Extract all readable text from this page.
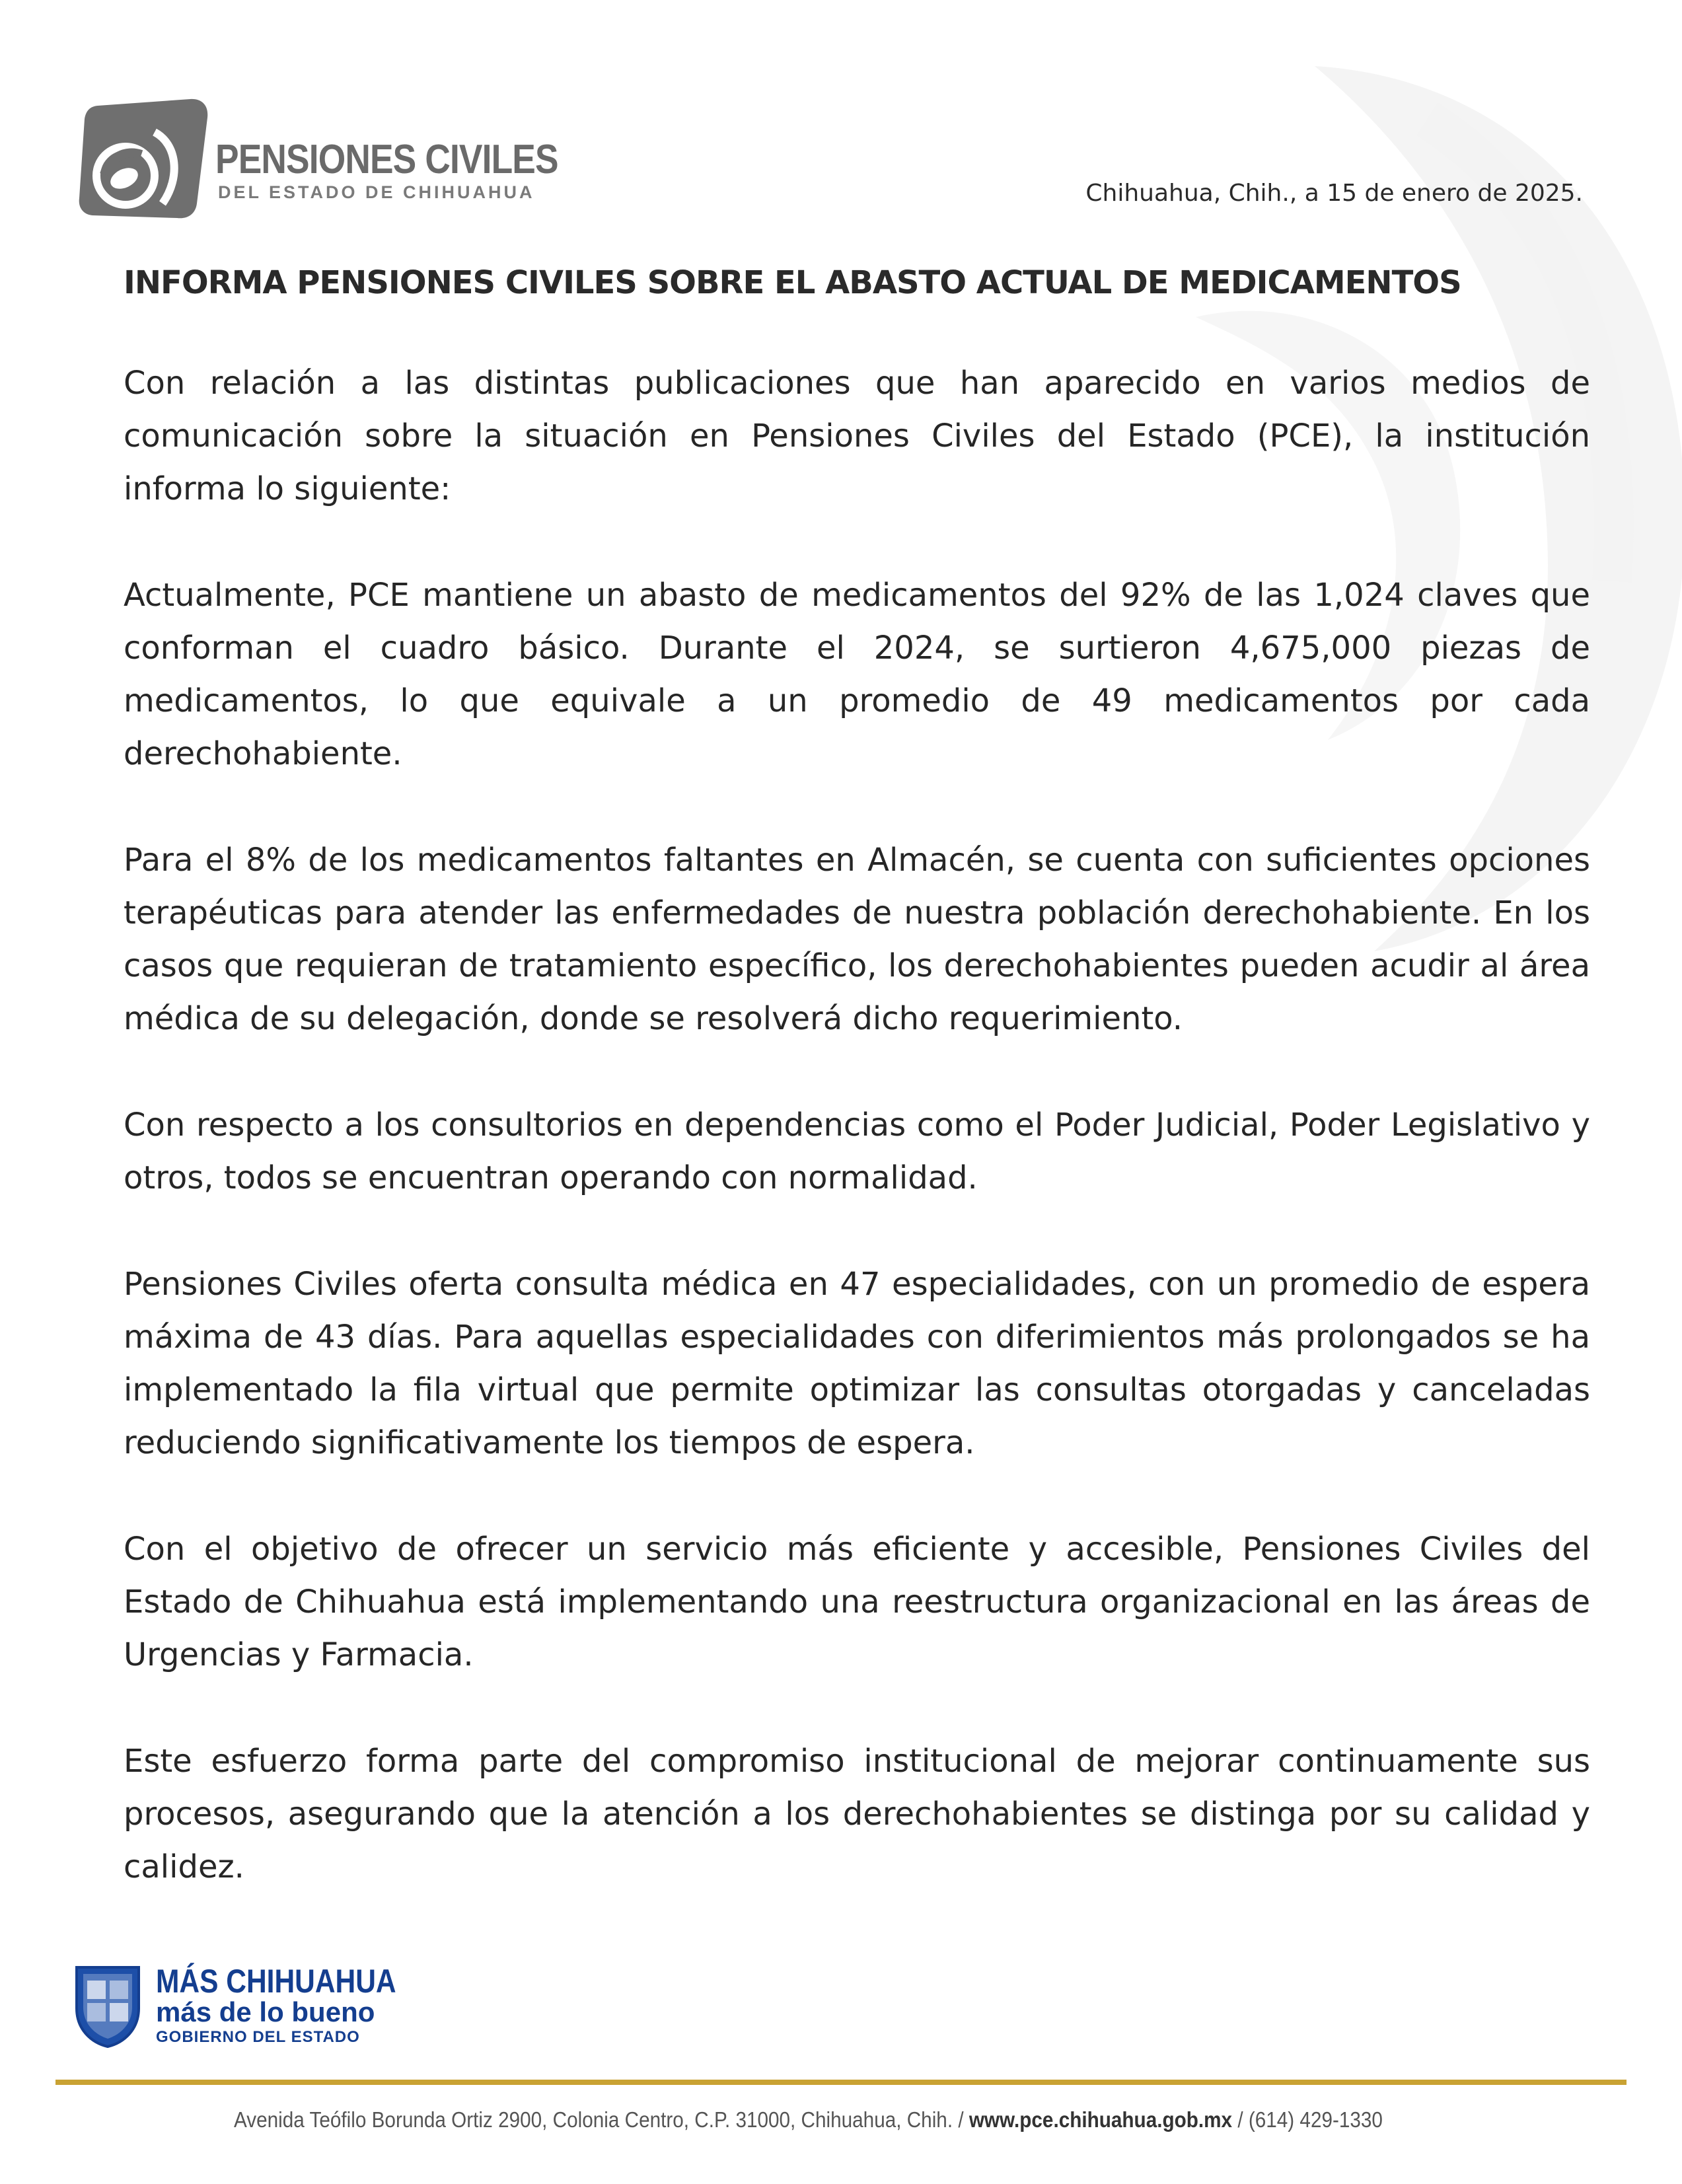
PENSIONES CIVILES
DEL ESTADO DE CHIHUAHUA	Chihuahua, Chih., a 15 de enero de 2025.
INFORMA PENSIONES CIVILES SOBRE EL ABASTO ACTUAL DE MEDICAMENTOS

Con relación a las distintas publicaciones que han aparecido en varios medios de comunicación sobre la situación en Pensiones Civiles del Estado (PCE), la institución informa lo siguiente:

Actualmente, PCE mantiene un abasto de medicamentos del 92% de las 1,024 claves que conforman el cuadro básico. Durante el 2024, se surtieron 4,675,000 piezas de medicamentos, lo que equivale a un promedio de 49 medicamentos por cada derechohabiente.

Para el 8% de los medicamentos faltantes en Almacén, se cuenta con suficientes opciones terapéuticas para atender las enfermedades de nuestra población derechohabiente. En los casos que requieran de tratamiento específico, los derechohabientes pueden acudir al área médica de su delegación, donde se resolverá dicho requerimiento.

Con respecto a los consultorios en dependencias como el Poder Judicial, Poder Legislativo y otros, todos se encuentran operando con normalidad.

Pensiones Civiles oferta consulta médica en 47 especialidades, con un promedio de espera máxima de 43 días. Para aquellas especialidades con diferimientos más prolongados se ha implementado la fila virtual que permite optimizar las consultas otorgadas y canceladas reduciendo significativamente los tiempos de espera.

Con el objetivo de ofrecer un servicio más eficiente y accesible, Pensiones Civiles del Estado de Chihuahua está implementando una reestructura organizacional en las áreas de Urgencias y Farmacia.

Este esfuerzo forma parte del compromiso institucional de mejorar continuamente sus procesos, asegurando que la atención a los derechohabientes se distinga por su calidad y calidez.

MÁS CHIHUAHUA
más de lo bueno
GOBIERNO DEL ESTADO
Avenida Teófilo Borunda Ortiz 2900, Colonia Centro, C.P. 31000, Chihuahua, Chih. / www.pce.chihuahua.gob.mx / (614) 429-1330
